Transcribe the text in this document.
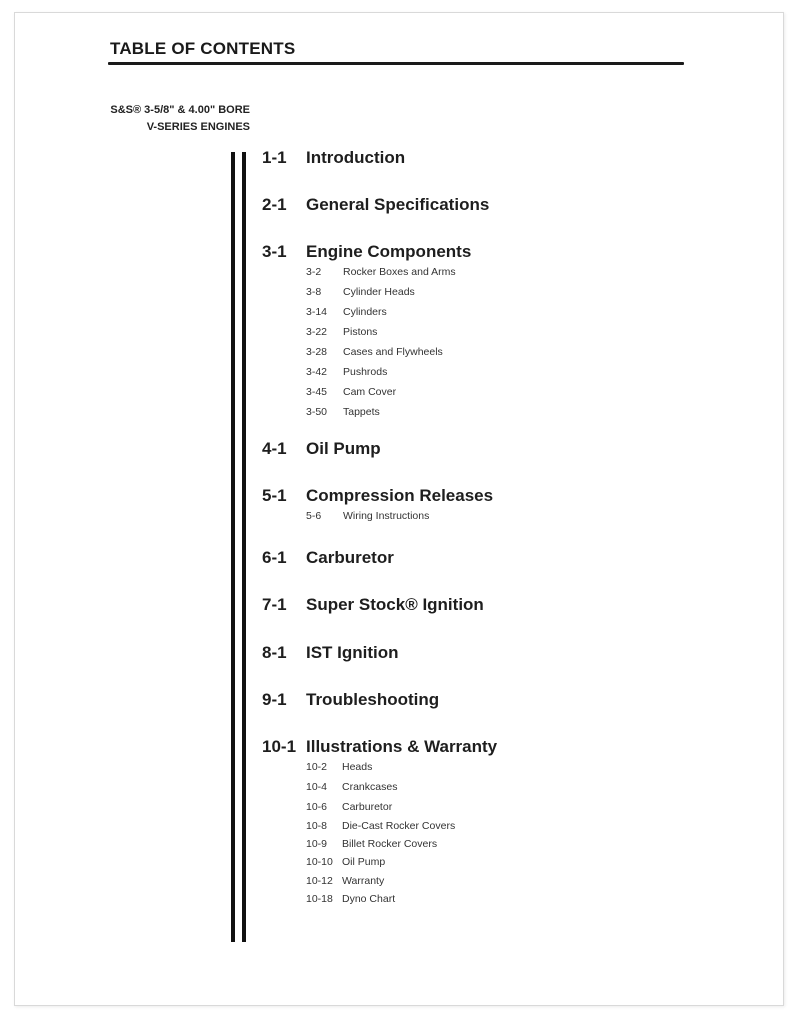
TABLE OF CONTENTS
S&S® 3-5/8" & 4.00" BORE
V-SERIES ENGINES
1-1 Introduction
2-1 General Specifications
3-1 Engine Components
3-2 Rocker Boxes and Arms
3-8 Cylinder Heads
3-14 Cylinders
3-22 Pistons
3-28 Cases and Flywheels
3-42 Pushrods
3-45 Cam Cover
3-50 Tappets
4-1 Oil Pump
5-1 Compression Releases
5-6 Wiring Instructions
6-1 Carburetor
7-1 Super Stock® Ignition
8-1 IST Ignition
9-1 Troubleshooting
10-1 Illustrations & Warranty
10-2 Heads
10-4 Crankcases
10-6 Carburetor
10-8 Die-Cast Rocker Covers
10-9 Billet Rocker Covers
10-10 Oil Pump
10-12 Warranty
10-18 Dyno Chart
